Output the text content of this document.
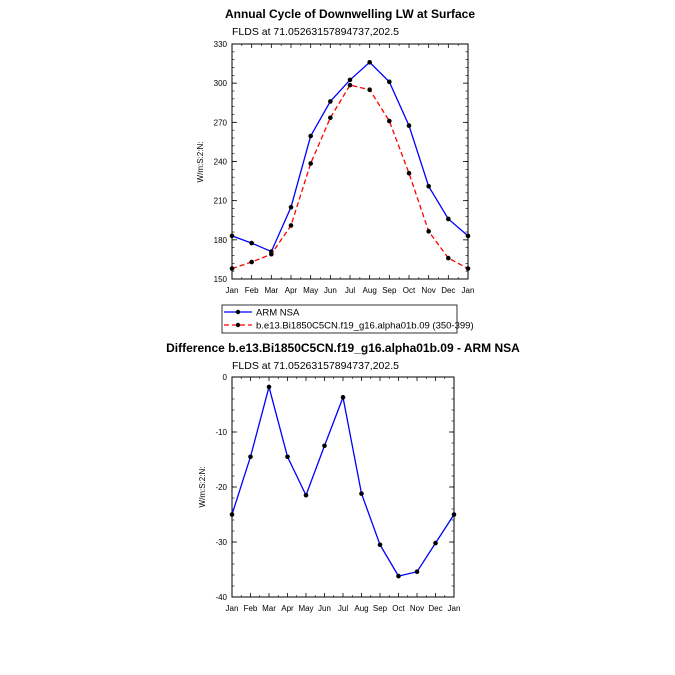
Annual Cycle of Downwelling LW at Surface
FLDS at 71.05263157894737,202.5
W/m:S:2:N:
Jan Feb Mar Apr May Jun Jul Aug Sep Oct Nov Dec Jan
150
180
210
240
270
300
330
ARM NSA
b.e13.Bi1850C5CN.f19_g16.alpha01b.09 (350-399)
Difference b.e13.Bi1850C5CN.f19_g16.alpha01b.09 - ARM NSA
FLDS at 71.05263157894737,202.5
W/m:S:2:N:
Jan Feb Mar Apr May Jun Jul Aug Sep Oct Nov Dec Jan
-40
-30
-20
-10
0
